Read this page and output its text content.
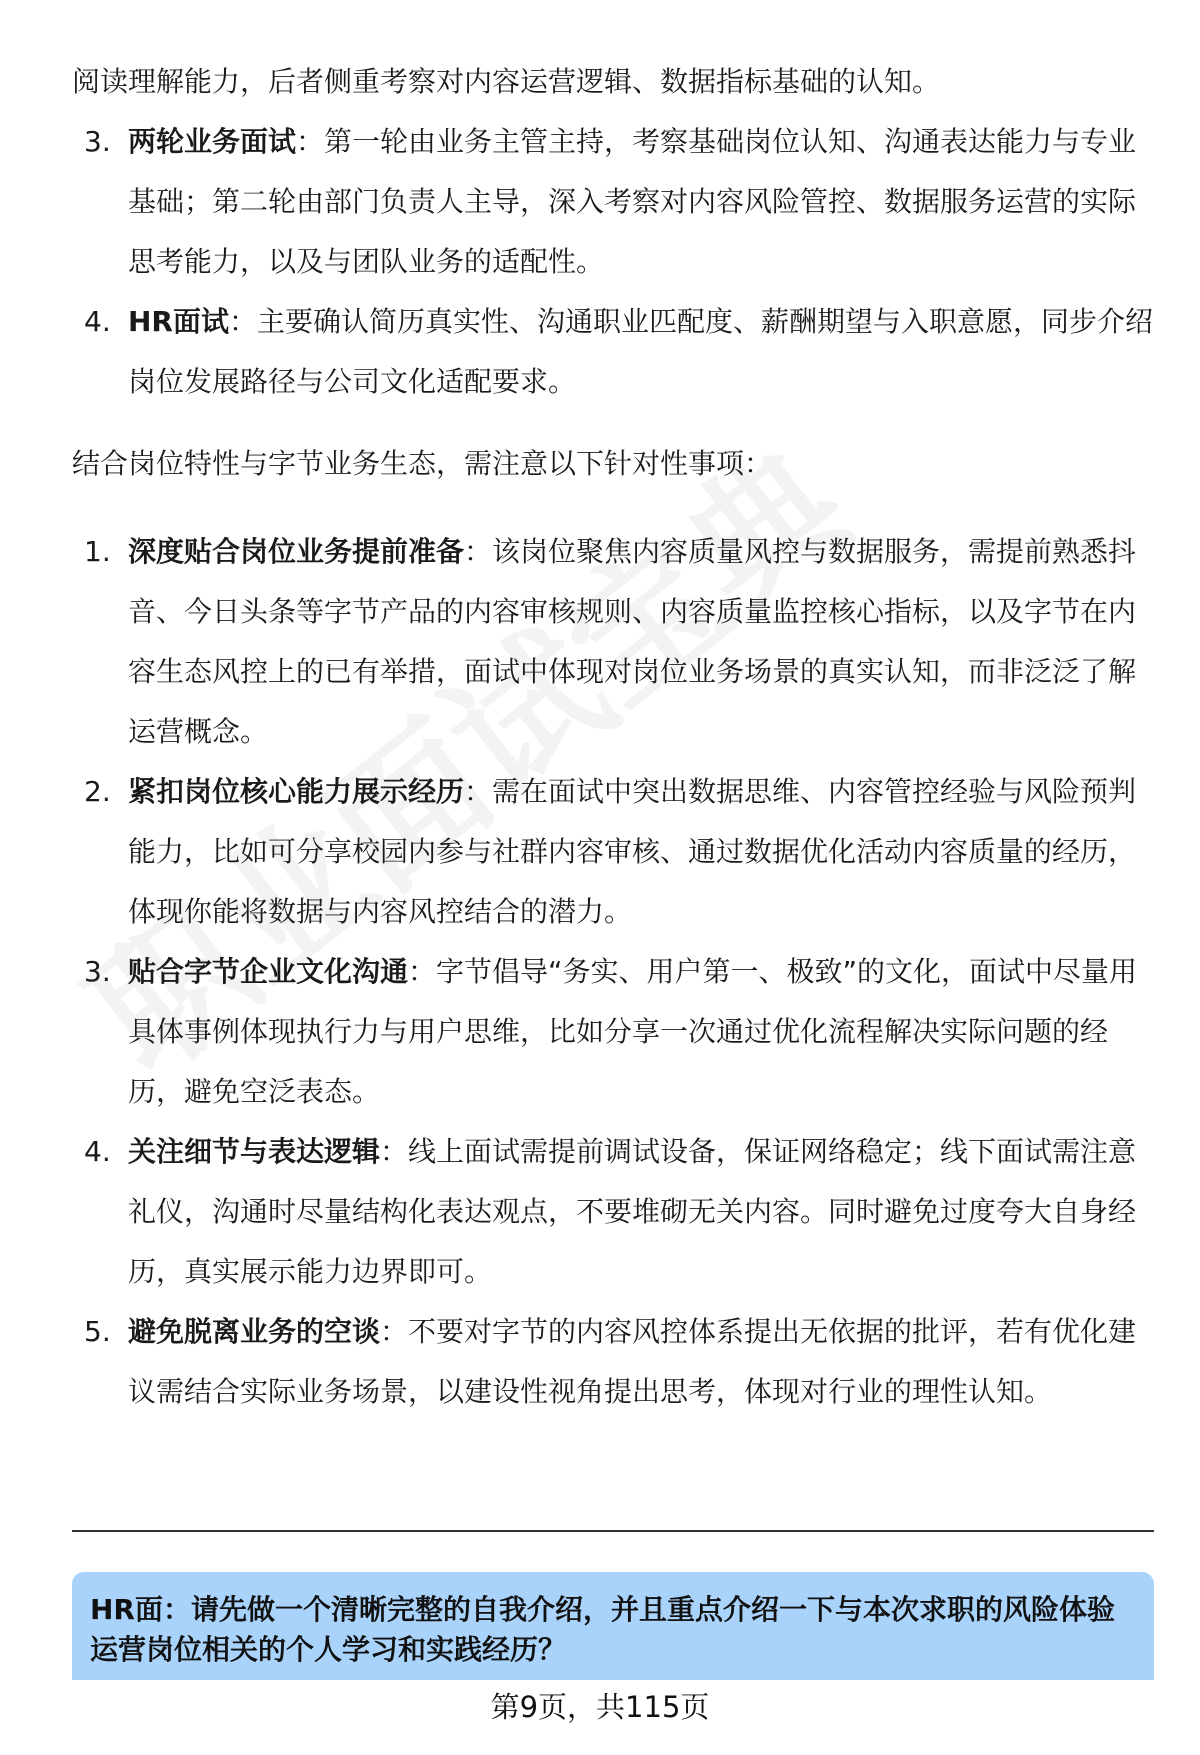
阅读理解能力，后者侧重考察对内容运营逻辑、数据指标基础的认知。

3. 两轮业务面试：第一轮由业务主管主持，考察基础岗位认知、沟通表达能力与专业基础；第二轮由部门负责人主导，深入考察对内容风险管控、数据服务运营的实际思考能力，以及与团队业务的适配性。
4. HR面试：主要确认简历真实性、沟通职业匹配度、薪酬期望与入职意愿，同步介绍岗位发展路径与公司文化适配要求。

结合岗位特性与字节业务生态，需注意以下针对性事项：

1. 深度贴合岗位业务提前准备：该岗位聚焦内容质量风控与数据服务，需提前熟悉抖音、今日头条等字节产品的内容审核规则、内容质量监控核心指标，以及字节在内容生态风控上的已有举措，面试中体现对岗位业务场景的真实认知，而非泛泛了解运营概念。
2. 紧扣岗位核心能力展示经历：需在面试中突出数据思维、内容管控经验与风险预判能力，比如可分享校园内参与社群内容审核、通过数据优化活动内容质量的经历，体现你能将数据与内容风控结合的潜力。
3. 贴合字节企业文化沟通：字节倡导“务实、用户第一、极致”的文化，面试中尽量用具体事例体现执行力与用户思维，比如分享一次通过优化流程解决实际问题的经历，避免空泛表态。
4. 关注细节与表达逻辑：线上面试需提前调试设备，保证网络稳定；线下面试需注意礼仪，沟通时尽量结构化表达观点，不要堆砌无关内容。同时避免过度夸大自身经历，真实展示能力边界即可。
5. 避免脱离业务的空谈：不要对字节的内容风控体系提出无依据的批评，若有优化建议需结合实际业务场景，以建设性视角提出思考，体现对行业的理性认知。
HR面：请先做一个清晰完整的自我介绍，并且重点介绍一下与本次求职的风险体验运营岗位相关的个人学习和实践经历？
第9页，共115页
